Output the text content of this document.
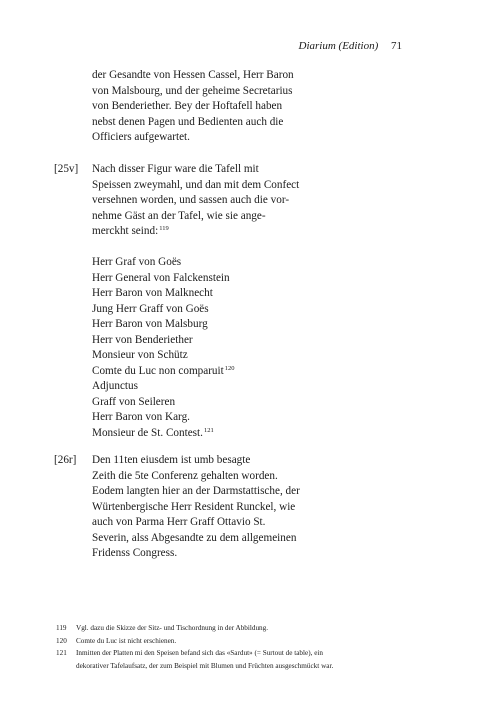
Diarium (Edition) 71
der Gesandte von Hessen Cassel, Herr Baron
von Malsbourg, und der geheime Secretarius
von Benderiether. Bey der Hoftafell haben
nebst denen Pagen und Bedienten auch die
Officiers aufgewartet.
[25v] Nach disser Figur ware die Tafell mit
Speissen zweymahl, und dan mit dem Confect
versehnen worden, und sassen auch die vor-
nehme Gäst an der Tafel, wie sie ange-
merckht seind:$^{119}$
Herr Graf von Goës
Herr General von Falckenstein
Herr Baron von Malknecht
Jung Herr Graff von Goës
Herr Baron von Malsburg
Herr von Benderiether
Monsieur von Schütz
Comte du Luc non comparuit$^{120}$
Adjunctus
Graff von Seileren
Herr Baron von Karg.
Monsieur de St. Contest.$^{121}$
[26r] Den 11ten eiusdem ist umb besagte
Zeith die 5te Conferenz gehalten worden.
Eodem langten hier an der Darmstattische, der
Würtenbergische Herr Resident Runckel, wie
auch von Parma Herr Graff Ottavio St.
Severin, alss Abgesandte zu dem allgemeinen
Fridenss Congress.
119 Vgl. dazu die Skizze der Sitz- und Tischordnung in der Abbildung.
120 Comte du Luc ist nicht erschienen.
121 Inmitten der Platten mi den Speisen befand sich das «Sardut» (= Surtout de table), ein
dekorativer Tafelaufsatz, der zum Beispiel mit Blumen und Früchten ausgeschmückt war.
